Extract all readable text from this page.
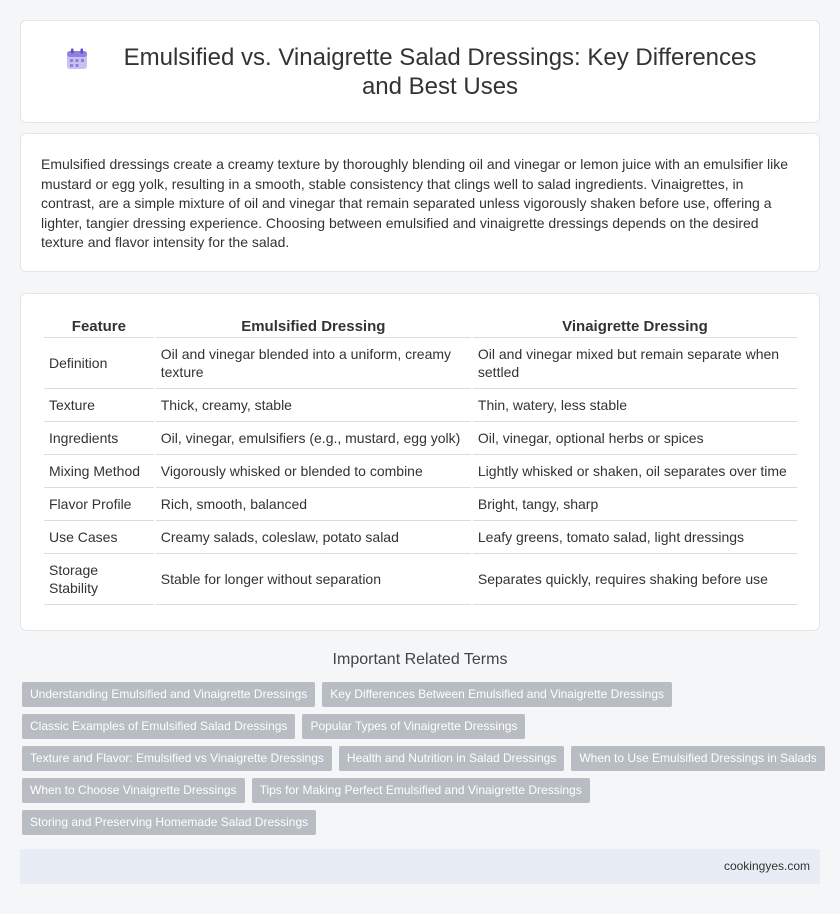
Emulsified vs. Vinaigrette Salad Dressings: Key Differences and Best Uses

Emulsified dressings create a creamy texture by thoroughly blending oil and vinegar or lemon juice with an emulsifier like mustard or egg yolk, resulting in a smooth, stable consistency that clings well to salad ingredients. Vinaigrettes, in contrast, are a simple mixture of oil and vinegar that remain separated unless vigorously shaken before use, offering a lighter, tangier dressing experience. Choosing between emulsified and vinaigrette dressings depends on the desired texture and flavor intensity for the salad.

Feature	Emulsified Dressing	Vinaigrette Dressing
Definition	Oil and vinegar blended into a uniform, creamy texture	Oil and vinegar mixed but remain separate when settled
Texture	Thick, creamy, stable	Thin, watery, less stable
Ingredients	Oil, vinegar, emulsifiers (e.g., mustard, egg yolk)	Oil, vinegar, optional herbs or spices
Mixing Method	Vigorously whisked or blended to combine	Lightly whisked or shaken, oil separates over time
Flavor Profile	Rich, smooth, balanced	Bright, tangy, sharp
Use Cases	Creamy salads, coleslaw, potato salad	Leafy greens, tomato salad, light dressings
Storage Stability	Stable for longer without separation	Separates quickly, requires shaking before use
Important Related Terms
Understanding Emulsified and Vinaigrette Dressings	Key Differences Between Emulsified and Vinaigrette Dressings
Classic Examples of Emulsified Salad Dressings	Popular Types of Vinaigrette Dressings
Texture and Flavor: Emulsified vs Vinaigrette Dressings	Health and Nutrition in Salad Dressings	When to Use Emulsified Dressings in Salads
When to Choose Vinaigrette Dressings	Tips for Making Perfect Emulsified and Vinaigrette Dressings
Storing and Preserving Homemade Salad Dressings
cookingyes.com
